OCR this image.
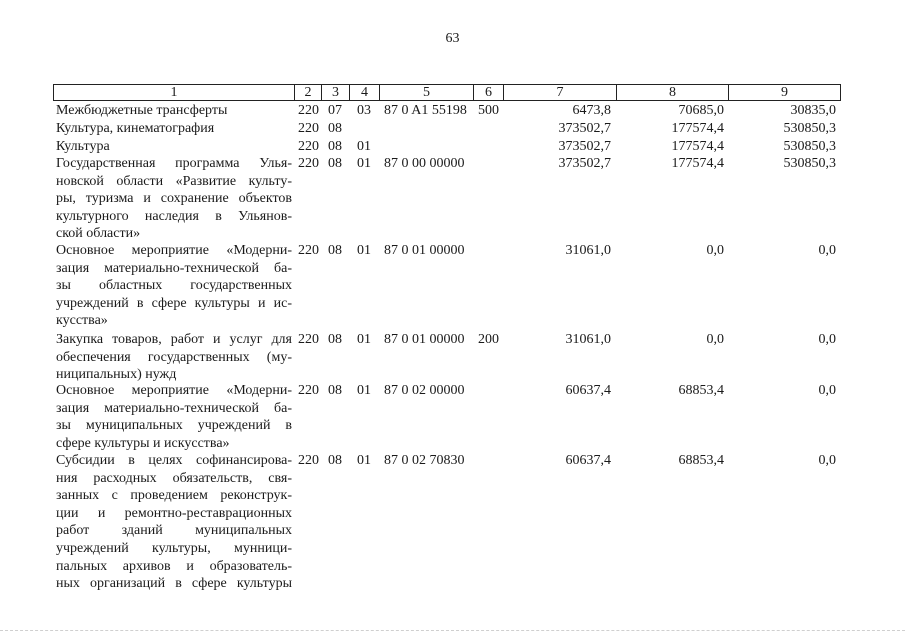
63
1	2	3	4	5	6	7	8	9
Межбюджетные трансферты	220 07 03 87 0 A1 55198 500	6473,8	70685,0	30835,0
Культура, кинематография	220 08	373502,7	177574,4	530850,3
Культура	220 08 01	373502,7	177574,4	530850,3
Государственная программа Улья-
новской области «Развитие культу-
ры, туризма и сохранение объектов
культурного наследия в Ульянов-
ской области»
220 08 01 87 0 00 00000	373502,7	177574,4	530850,3
Основное мероприятие «Модерни-
зация материально-технической ба-
зы областных государственных
учреждений в сфере культуры и ис-
кусства»
220 08 01 87 0 01 00000	31061,0	0,0	0,0
Закупка товаров, работ и услуг для
обеспечения государственных (му-
ниципальных) нужд
220 08 01 87 0 01 00000 200	31061,0	0,0	0,0
Основное мероприятие «Модерни-
зация материально-технической ба-
зы муниципальных учреждений в
сфере культуры и искусства»
220 08 01 87 0 02 00000	60637,4	68853,4	0,0
Субсидии в целях софинансирова-
ния расходных обязательств, свя-
занных с проведением реконструк-
ции и ремонтно-реставрационных
работ зданий муниципальных
учреждений культуры, мунници-
пальных архивов и образователь-
ных организаций в сфере культуры
220 08 01 87 0 02 70830	60637,4	68853,4	0,0
